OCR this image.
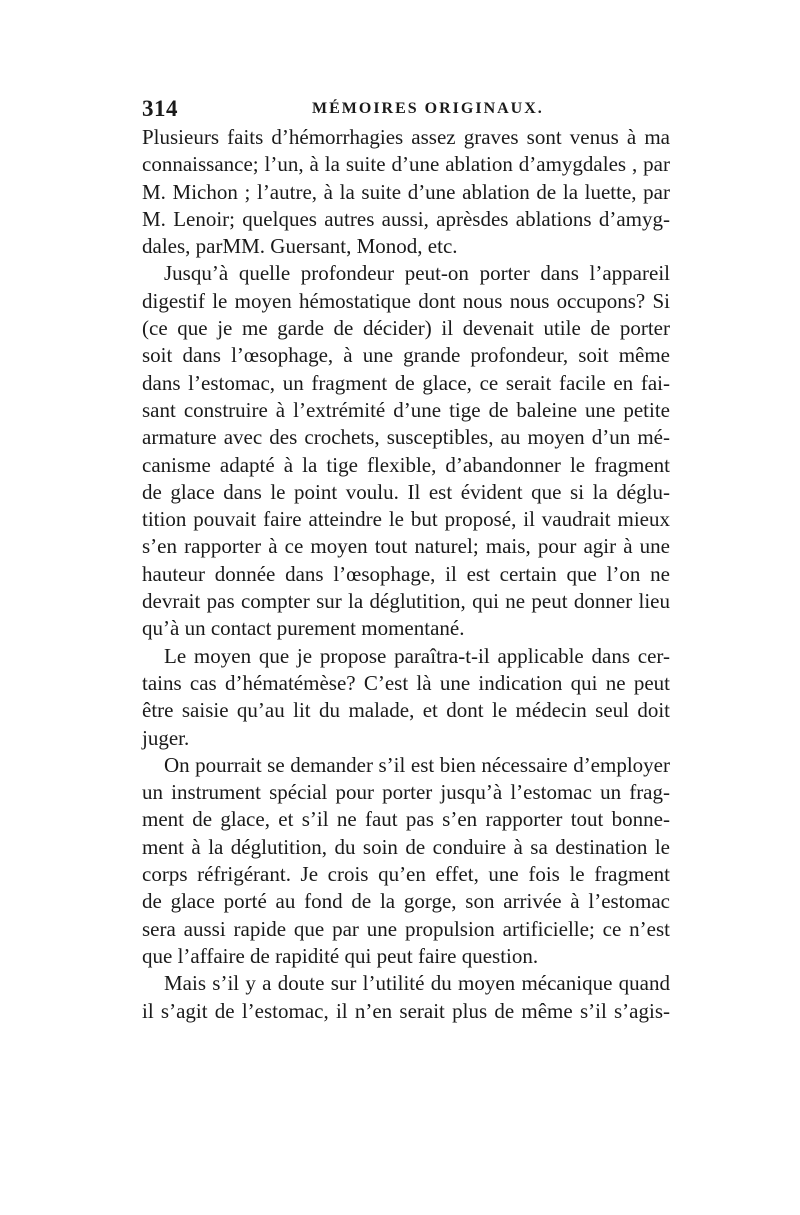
314	MÉMOIRES ORIGINAUX.
Plusieurs faits d’hémorrhagies assez graves sont venus à ma
connaissance; l’un, à la suite d’une ablation d’amygdales , par
M. Michon ; l’autre, à la suite d’une ablation de la luette, par
M. Lenoir; quelques autres aussi, aprèsdes ablations d’amyg-
dales, parMM. Guersant, Monod, etc.
Jusqu’à quelle profondeur peut-on porter dans l’appareil
digestif le moyen hémostatique dont nous nous occupons? Si
(ce que je me garde de décider) il devenait utile de porter
soit dans l’œsophage, à une grande profondeur, soit même
dans l’estomac, un fragment de glace, ce serait facile en fai-
sant construire à l’extrémité d’une tige de baleine une petite
armature avec des crochets, susceptibles, au moyen d’un mé-
canisme adapté à la tige flexible, d’abandonner le fragment
de glace dans le point voulu. Il est évident que si la déglu-
tition pouvait faire atteindre le but proposé, il vaudrait mieux
s’en rapporter à ce moyen tout naturel; mais, pour agir à une
hauteur donnée dans l’œsophage, il est certain que l’on ne
devrait pas compter sur la déglutition, qui ne peut donner lieu
qu’à un contact purement momentané.
Le moyen que je propose paraîtra-t-il applicable dans cer-
tains cas d’hématémèse? C’est là une indication qui ne peut
être saisie qu’au lit du malade, et dont le médecin seul doit
juger.
On pourrait se demander s’il est bien nécessaire d’employer
un instrument spécial pour porter jusqu’à l’estomac un frag-
ment de glace, et s’il ne faut pas s’en rapporter tout bonne-
ment à la déglutition, du soin de conduire à sa destination le
corps réfrigérant. Je crois qu’en effet, une fois le fragment
de glace porté au fond de la gorge, son arrivée à l’estomac
sera aussi rapide que par une propulsion artificielle; ce n’est
que l’affaire de rapidité qui peut faire question.
Mais s’il y a doute sur l’utilité du moyen mécanique quand
il s’agit de l’estomac, il n’en serait plus de même s’il s’agis-
